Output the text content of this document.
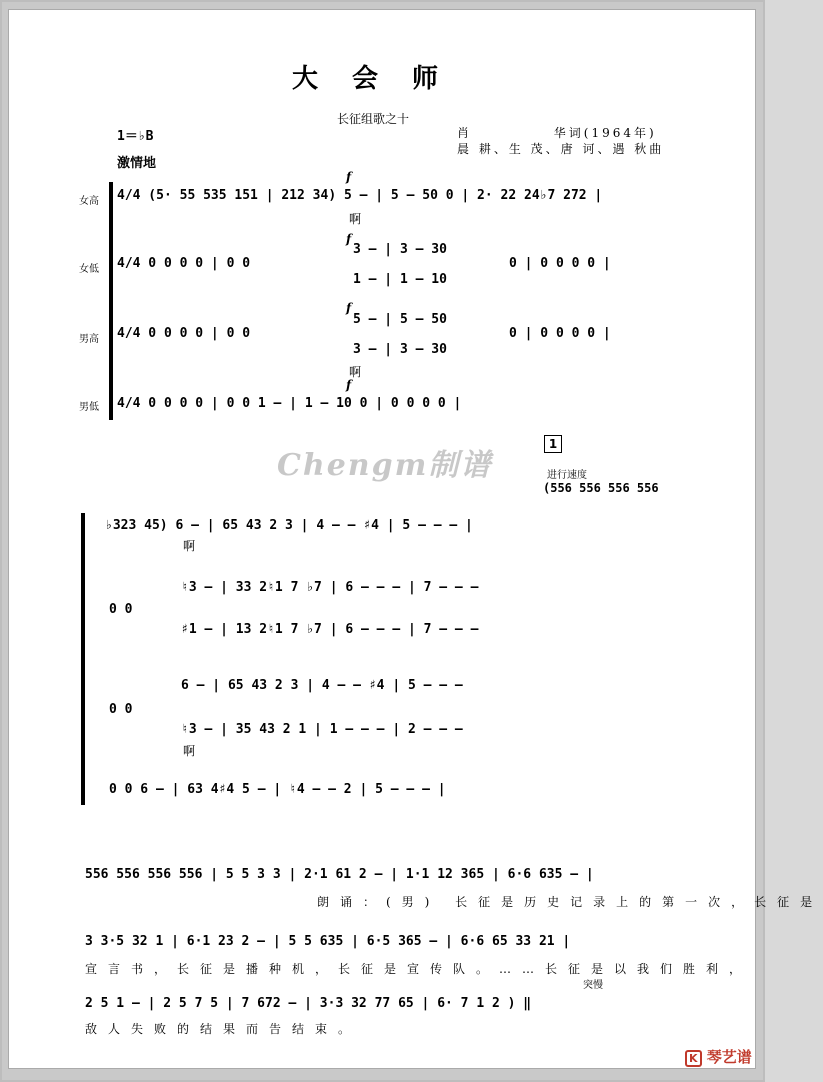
大会师
长征组歌之十
1＝♭B
激情地
肖            华词(1964年)
晨 耕、生 茂、唐 诃、遇 秋曲
女高
女低
男高
男低
f
4/4 (5· 55 535 151 | 212 34) 5 – | 5 – 50 0 | 2· 22 24♭7 272 |
啊
4/4 0 0 0 0 | 0 0
f
3 – | 3 – 30
1 – | 1 – 10
0 | 0 0 0 0 |
4/4 0 0 0 0 | 0 0
f
5 – | 5 – 50
3 – | 3 – 30
0 | 0 0 0 0 |
啊
f
4/4 0 0 0 0 | 0 0 1 – | 1 – 10 0 | 0 0 0 0 |
Chengm制谱
1
进行速度
(556 556 556 556
♭323 45) 6 – | 65 43 2 3 | 4 – – ♯4 | 5 – – – |
啊
0 0
♮3 – | 33 2♮1 7 ♭7 | 6 – – – | 7 – – –
♯1 – | 13 2♮1 7 ♭7 | 6 – – – | 7 – – –
0 0
6 – | 65 43 2 3 | 4 – – ♯4 | 5 – – –
♮3 – | 35 43 2 1 | 1 – – – | 2 – – –
啊
0 0 6 – | 63 4♯4 5 – | ♮4 – – 2 | 5 – – – |
556 556 556 556 | 5 5 3 3 | 2·1 61 2 – | 1·1 12 365 | 6·6 635 – |
朗诵：(男) 长征是历史记录上的第一次，长征是
3 3·5 32 1 | 6·1 23 2 – | 5 5 635 | 6·5 365 – | 6·6 65 33 21 |
宣言书，长征是播种机，长征是宣传队。……长征是以我们胜利，
突慢
2 5 1 – | 2 5 7 5 | 7 672 – | 3·3 32 77 65 | 6· 7 1 2 ) ‖
敌人失败的结果而告结束。
K 琴艺谱
